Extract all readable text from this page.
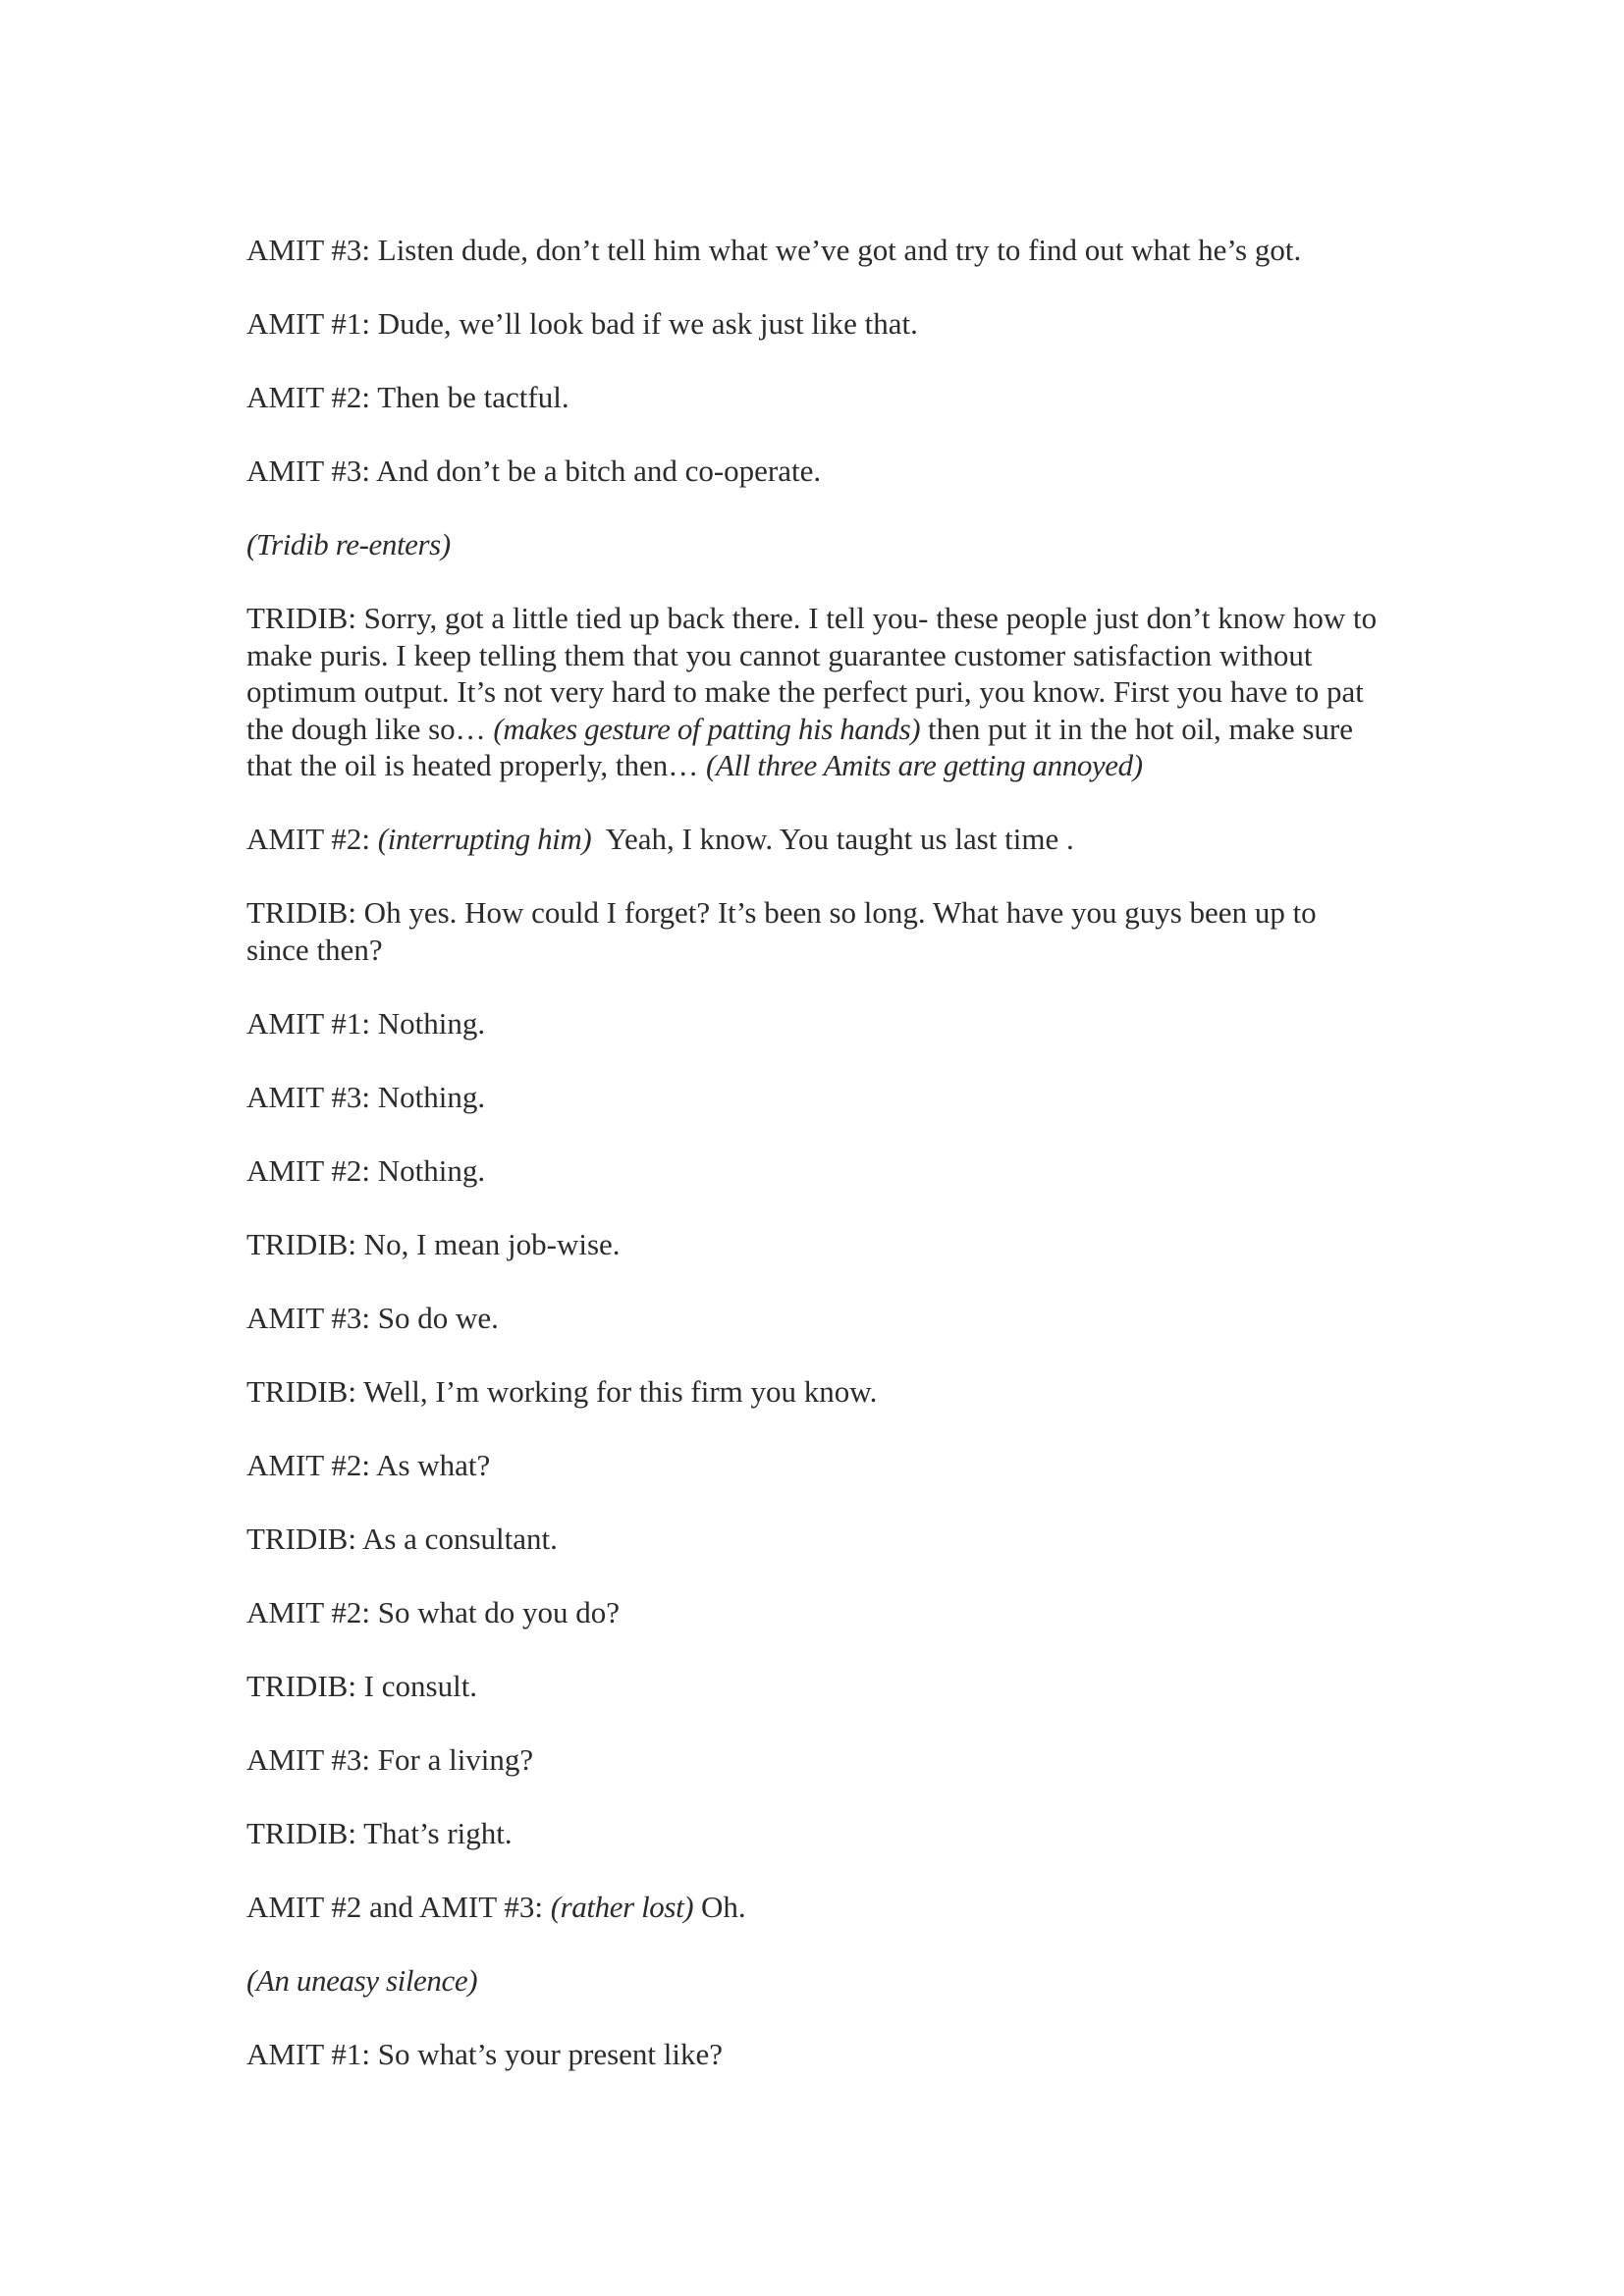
AMIT #3: Listen dude, don’t tell him what we’ve got and try to find out what he’s got.

AMIT #1: Dude, we’ll look bad if we ask just like that.

AMIT #2: Then be tactful.

AMIT #3: And don’t be a bitch and co-operate.

(Tridib re-enters)

TRIDIB: Sorry, got a little tied up back there. I tell you- these people just don’t know how to make puris. I keep telling them that you cannot guarantee customer satisfaction without optimum output. It’s not very hard to make the perfect puri, you know. First you have to pat the dough like so… (makes gesture of patting his hands) then put it in the hot oil, make sure that the oil is heated properly, then… (All three Amits are getting annoyed)

AMIT #2: (interrupting him)  Yeah, I know. You taught us last time .

TRIDIB: Oh yes. How could I forget? It’s been so long. What have you guys been up to since then?

AMIT #1: Nothing.

AMIT #3: Nothing.

AMIT #2: Nothing.

TRIDIB: No, I mean job-wise.

AMIT #3: So do we.

TRIDIB: Well, I’m working for this firm you know.

AMIT #2: As what?

TRIDIB: As a consultant.

AMIT #2: So what do you do?

TRIDIB: I consult.

AMIT #3: For a living?

TRIDIB: That’s right.

AMIT #2 and AMIT #3: (rather lost) Oh.

(An uneasy silence)

AMIT #1: So what’s your present like?
